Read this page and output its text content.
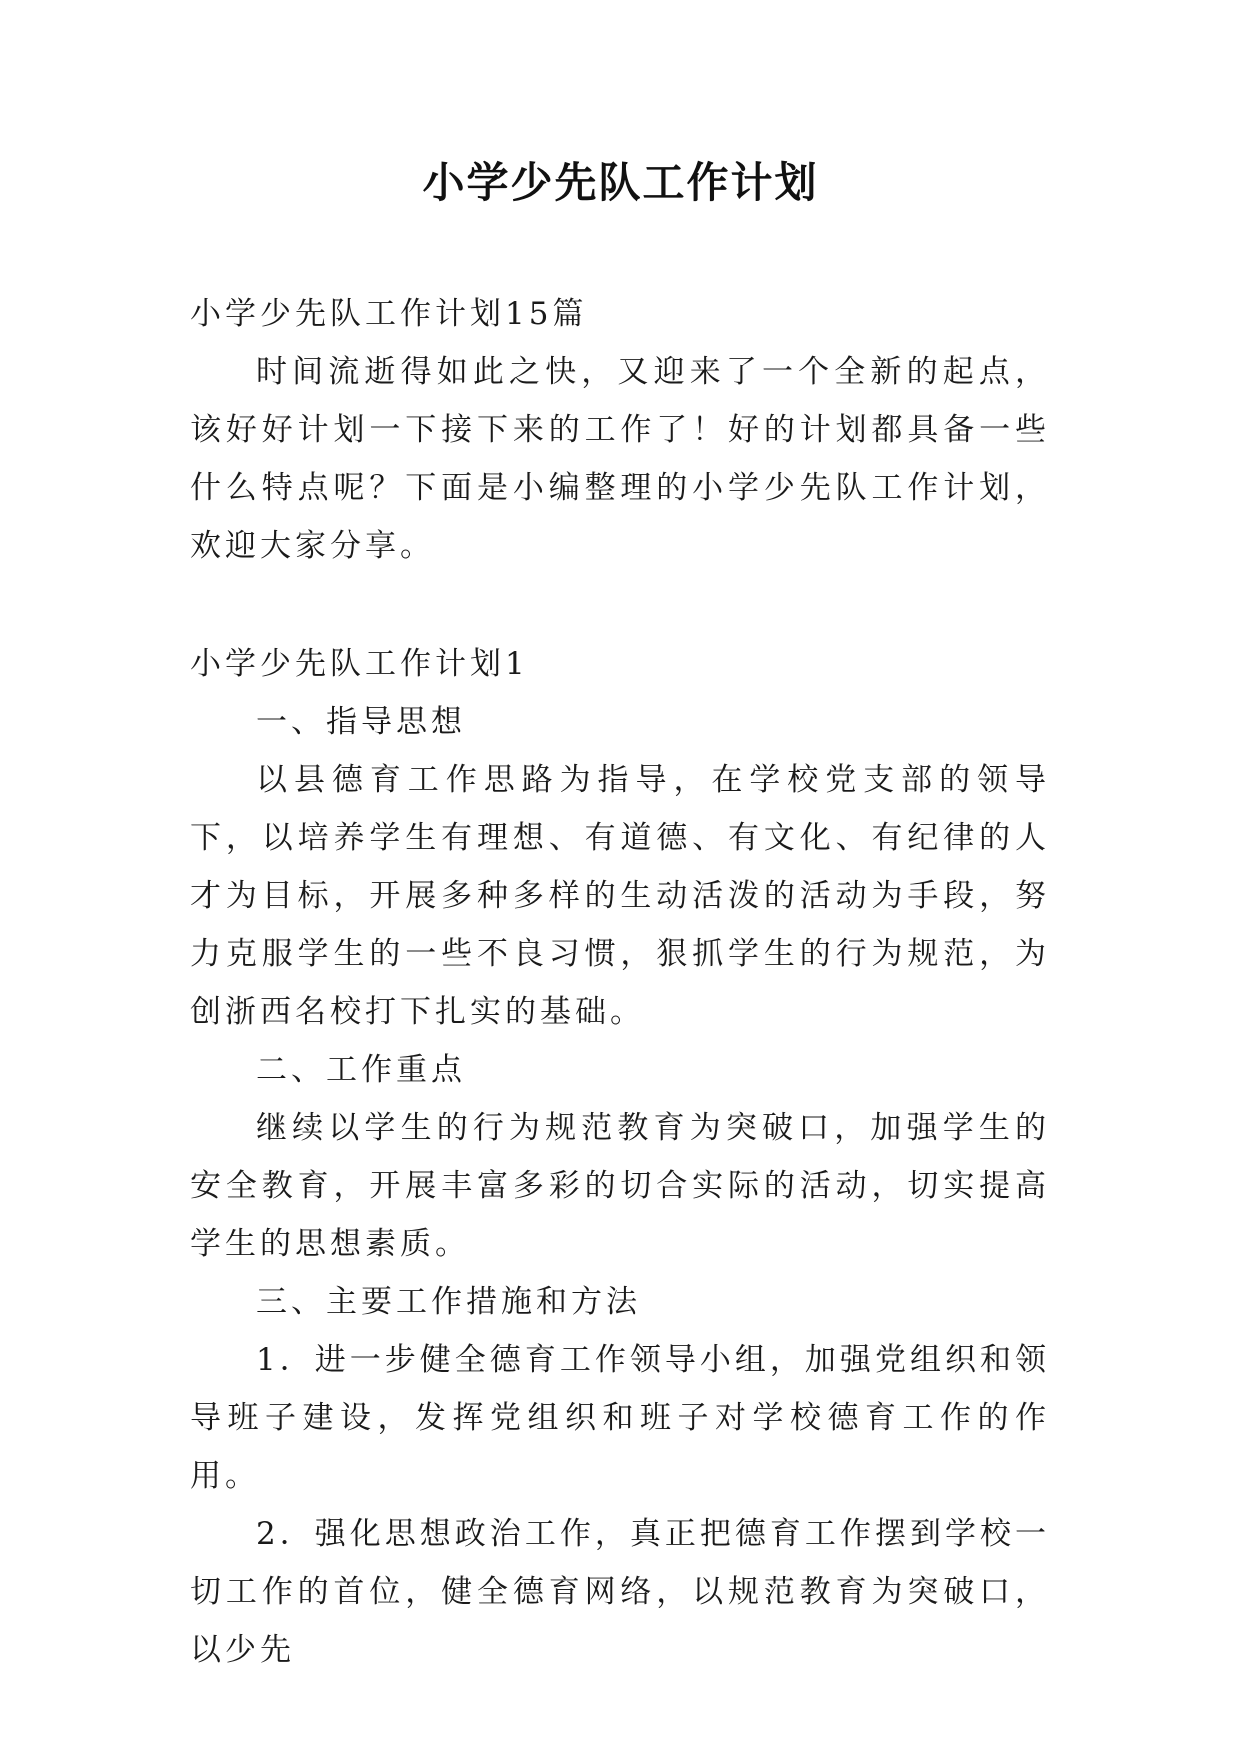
小学少先队工作计划

小学少先队工作计划15篇

时间流逝得如此之快，又迎来了一个全新的起点，该好好计划一下接下来的工作了！好的计划都具备一些什么特点呢？下面是小编整理的小学少先队工作计划，欢迎大家分享。

小学少先队工作计划1

一、指导思想

以县德育工作思路为指导，在学校党支部的领导下，以培养学生有理想、有道德、有文化、有纪律的人才为目标，开展多种多样的生动活泼的活动为手段，努力克服学生的一些不良习惯，狠抓学生的行为规范，为创浙西名校打下扎实的基础。

二、工作重点

继续以学生的行为规范教育为突破口，加强学生的安全教育，开展丰富多彩的切合实际的活动，切实提高学生的思想素质。

三、主要工作措施和方法

1．进一步健全德育工作领导小组，加强党组织和领导班子建设，发挥党组织和班子对学校德育工作的作用。

2．强化思想政治工作，真正把德育工作摆到学校一切工作的首位，健全德育网络，以规范教育为突破口，以少先
